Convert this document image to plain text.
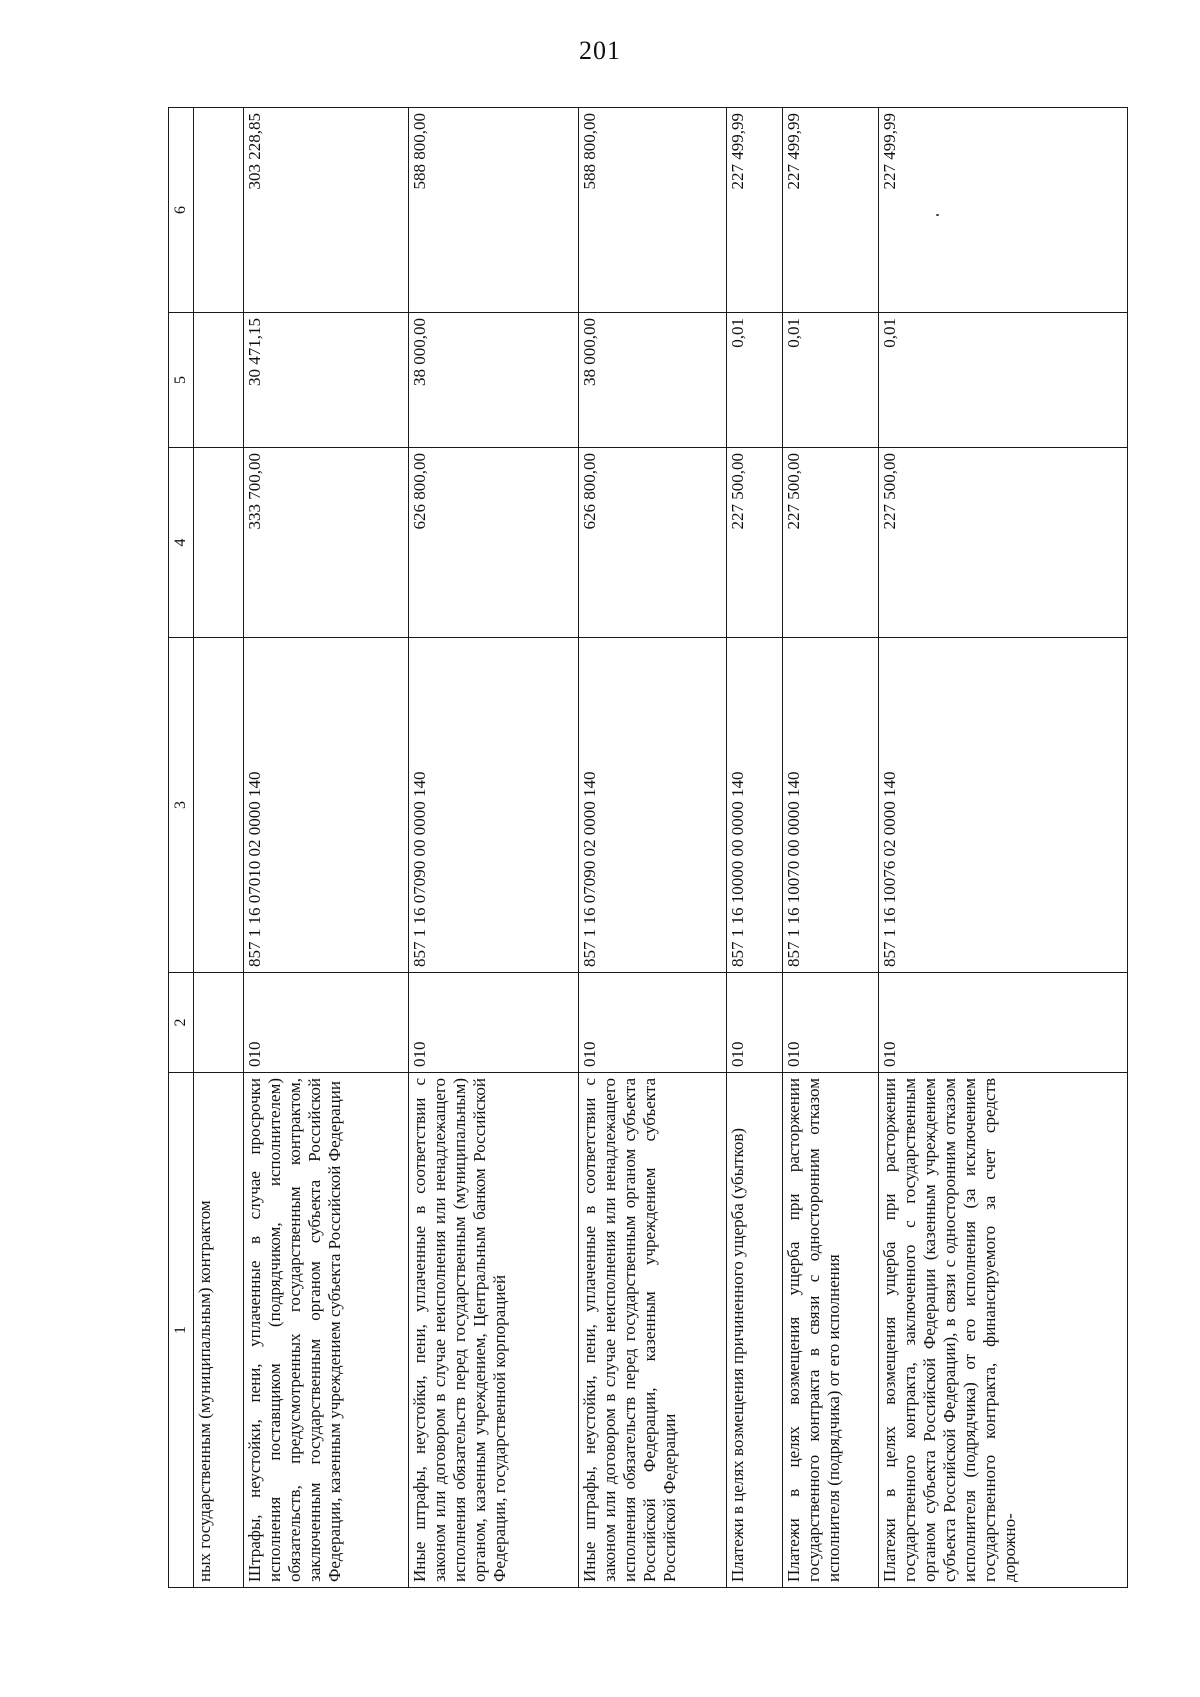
201
1	2	3	4	5	6
ных государственным (муниципальным) контрактом					
Штрафы, неустойки, пени, уплаченные в случае просрочки исполнения поставщиком (подрядчиком, исполнителем) обязательств, предусмотренных государственным контрактом, заключенным государственным органом субъекта Российской Федерации, казенным учреждением субъекта Российской Федерации	010	857 1 16 07010 02 0000 140	333 700,00	30 471,15	303 228,85
Иные штрафы, неустойки, пени, уплаченные в соответствии с законом или договором в случае неисполнения или ненадлежащего исполнения обязательств перед государственным (муниципальным) органом, казенным учреждением, Центральным банком Российской Федерации, государственной корпорацией	010	857 1 16 07090 00 0000 140	626 800,00	38 000,00	588 800,00
Иные штрафы, неустойки, пени, уплаченные в соответствии с законом или договором в случае неисполнения или ненадлежащего исполнения обязательств перед государственным органом субъекта Российской Федерации, казенным учреждением субъекта Российской Федерации	010	857 1 16 07090 02 0000 140	626 800,00	38 000,00	588 800,00
Платежи в целях возмещения причиненного ущерба (убытков)	010	857 1 16 10000 00 0000 140	227 500,00	0,01	227 499,99
Платежи в целях возмещения ущерба при расторжении государственного контракта в связи с односторонним отказом исполнителя (подрядчика) от его исполнения	010	857 1 16 10070 00 0000 140	227 500,00	0,01	227 499,99
Платежи в целях возмещения ущерба при расторжении государственного контракта, заключенного с государственным органом субъекта Российской Федерации (казенным учреждением субъекта Российской Федерации), в связи с односторонним отказом исполнителя (подрядчика) от его исполнения (за исключением государственного контракта, финансируемого за счет средств дорожно-	010	857 1 16 10076 02 0000 140	227 500,00	0,01	227 499,99
